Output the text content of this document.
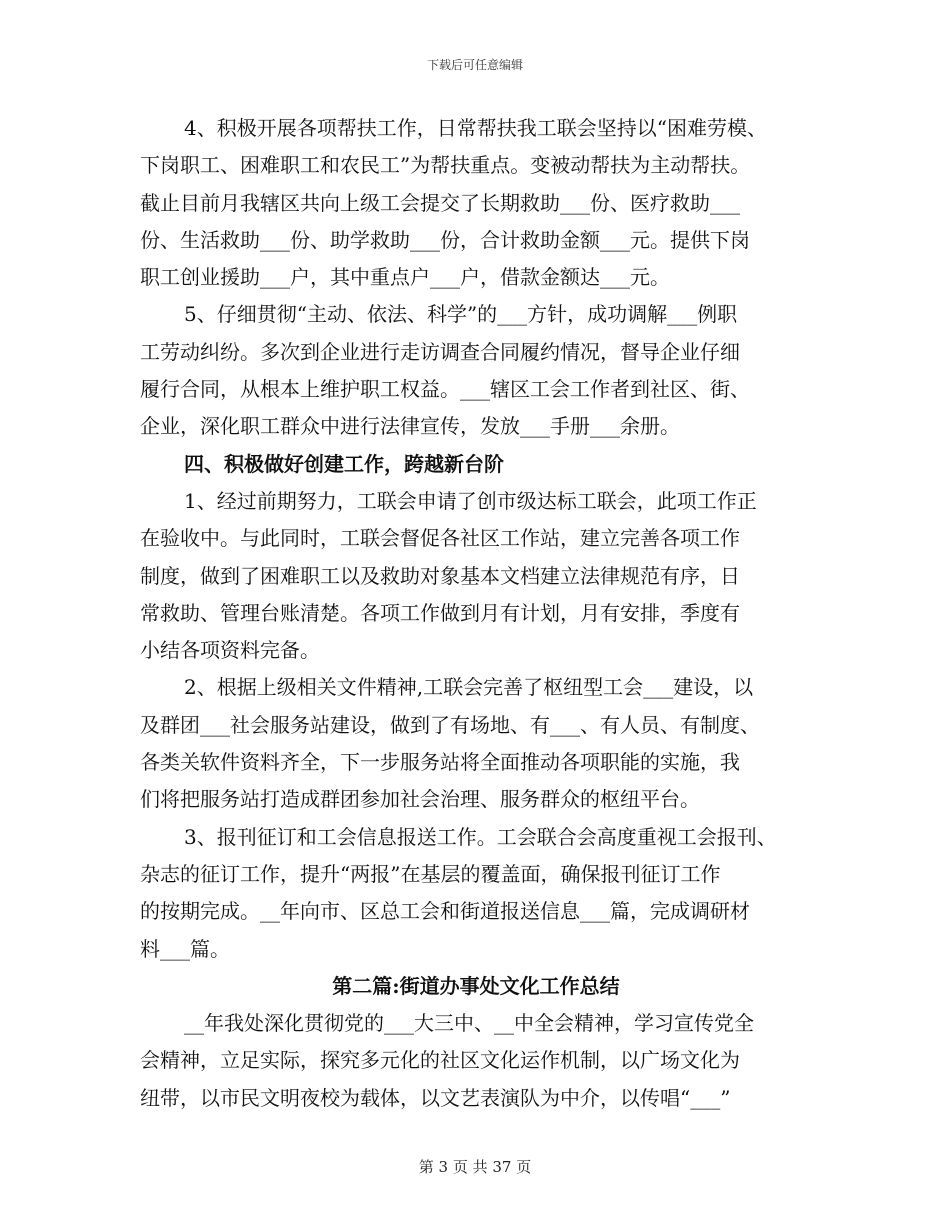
下载后可任意编辑
4、积极开展各项帮扶工作，日常帮扶我工联会坚持以“困难劳模、
下岗职工、困难职工和农民工”为帮扶重点。变被动帮扶为主动帮扶。
截止目前月我辖区共向上级工会提交了长期救助___份、医疗救助___
份、生活救助___份、助学救助___份，合计救助金额___元。提供下岗
职工创业援助___户，其中重点户___户，借款金额达___元。
5、仔细贯彻“主动、依法、科学”的___方针，成功调解___例职
工劳动纠纷。多次到企业进行走访调查合同履约情况，督导企业仔细
履行合同，从根本上维护职工权益。___辖区工会工作者到社区、街、
企业，深化职工群众中进行法律宣传，发放___手册___余册。
四、积极做好创建工作，跨越新台阶
1、经过前期努力，工联会申请了创市级达标工联会，此项工作正
在验收中。与此同时，工联会督促各社区工作站，建立完善各项工作
制度，做到了困难职工以及救助对象基本文档建立法律规范有序，日
常救助、管理台账清楚。各项工作做到月有计划，月有安排，季度有
小结各项资料完备。
2、根据上级相关文件精神,工联会完善了枢纽型工会___建设，以
及群团___社会服务站建设，做到了有场地、有___、有人员、有制度、
各类关软件资料齐全，下一步服务站将全面推动各项职能的实施，我
们将把服务站打造成群团参加社会治理、服务群众的枢纽平台。
3、报刊征订和工会信息报送工作。工会联合会高度重视工会报刊、
杂志的征订工作，提升“两报”在基层的覆盖面，确保报刊征订工作
的按期完成。__年向市、区总工会和街道报送信息___篇，完成调研材
料___篇。
第二篇:街道办事处文化工作总结
__年我处深化贯彻党的___大三中、__中全会精神，学习宣传党全
会精神，立足实际，探究多元化的社区文化运作机制，以广场文化为
纽带，以市民文明夜校为载体，以文艺表演队为中介，以传唱“___”
第 3 页 共 37 页
